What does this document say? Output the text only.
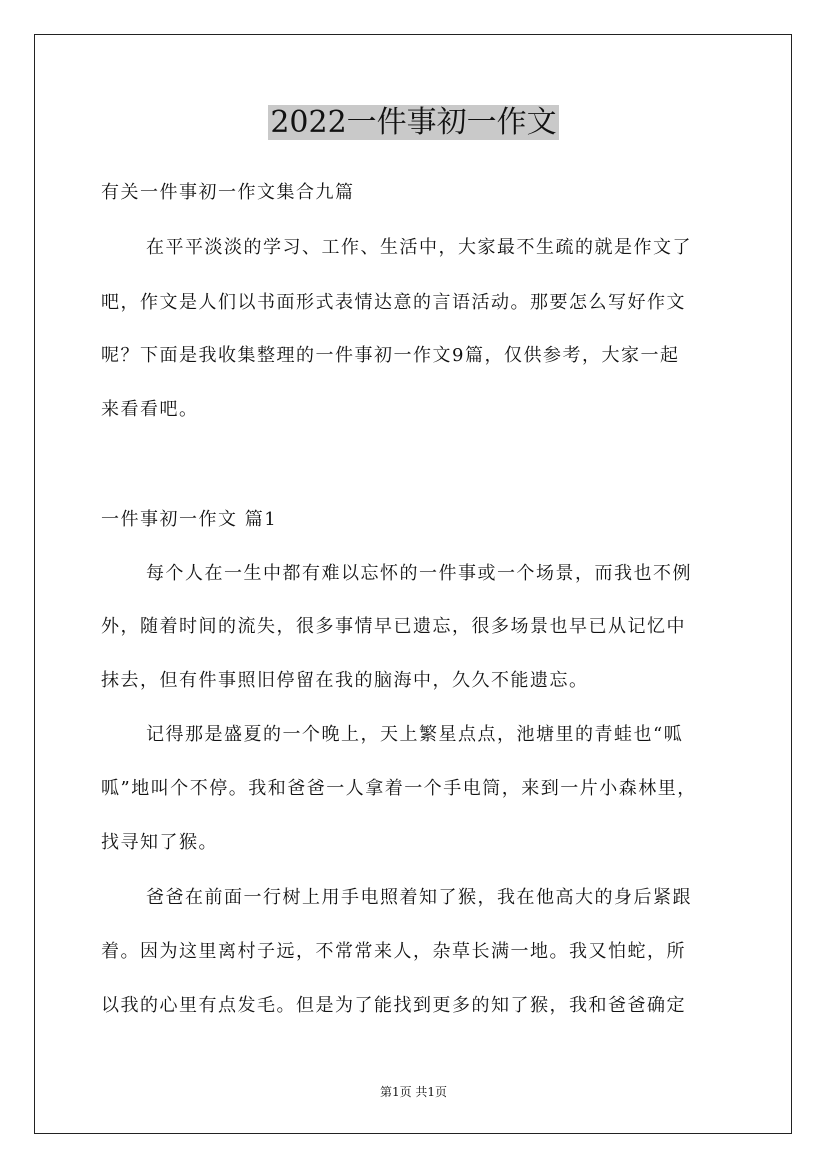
2022一件事初一作文
有关一件事初一作文集合九篇
在平平淡淡的学习、工作、生活中，大家最不生疏的就是作文了
吧，作文是人们以书面形式表情达意的言语活动。那要怎么写好作文
呢？下面是我收集整理的一件事初一作文9篇，仅供参考，大家一起
来看看吧。
一件事初一作文 篇1
每个人在一生中都有难以忘怀的一件事或一个场景，而我也不例
外，随着时间的流失，很多事情早已遗忘，很多场景也早已从记忆中
抹去，但有件事照旧停留在我的脑海中，久久不能遗忘。
记得那是盛夏的一个晚上，天上繁星点点，池塘里的青蛙也“呱
呱”地叫个不停。我和爸爸一人拿着一个手电筒，来到一片小森林里，
找寻知了猴。
爸爸在前面一行树上用手电照着知了猴，我在他高大的身后紧跟
着。因为这里离村子远，不常常来人，杂草长满一地。我又怕蛇，所
以我的心里有点发毛。但是为了能找到更多的知了猴，我和爸爸确定
第1页 共1页
